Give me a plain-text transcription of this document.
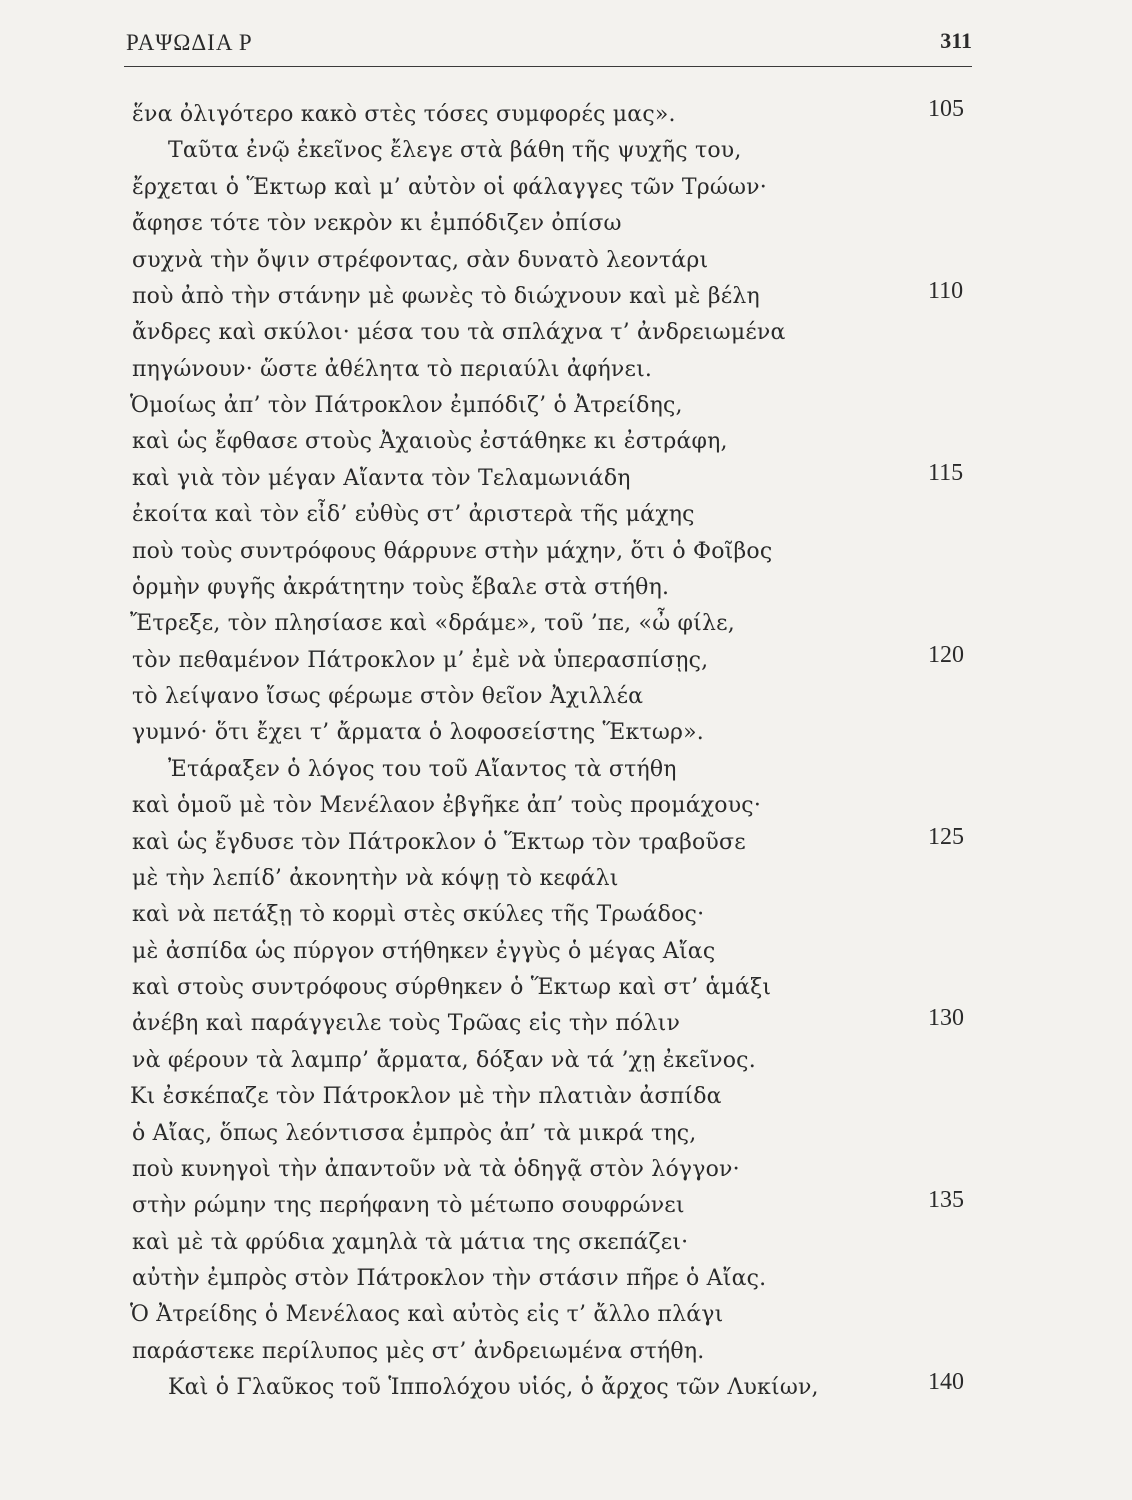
ΡΑΨΩΔΙΑ Ρ	311
ἕνα ὀλιγότερο κακὸ στὲς τόσες συμφορές μας».	105
Ταῦτα ἐνῷ ἐκεῖνος ἔλεγε στὰ βάθη τῆς ψυχῆς του,
ἔρχεται ὁ Ἕκτωρ καὶ μ’ αὐτὸν οἱ φάλαγγες τῶν Τρώων·
ἄφησε τότε τὸν νεκρὸν κι ἐμπόδιζεν ὀπίσω
συχνὰ τὴν ὄψιν στρέφοντας, σὰν δυνατὸ λεοντάρι
ποὺ ἀπὸ τὴν στάνην μὲ φωνὲς τὸ διώχνουν καὶ μὲ βέλη	110
ἄνδρες καὶ σκύλοι· μέσα του τὰ σπλάχνα τ’ ἀνδρειωμένα
πηγώνουν· ὥστε ἀθέλητα τὸ περιαύλι ἀφήνει.
Ὁμοίως ἀπ’ τὸν Πάτροκλον ἐμπόδιζ’ ὁ Ἀτρείδης,
καὶ ὡς ἔφθασε στοὺς Ἀχαιοὺς ἐστάθηκε κι ἐστράφη,
καὶ γιὰ τὸν μέγαν Αἴαντα τὸν Τελαμωνιάδη	115
ἐκοίτα καὶ τὸν εἶδ’ εὐθὺς στ’ ἀριστερὰ τῆς μάχης
ποὺ τοὺς συντρόφους θάρρυνε στὴν μάχην, ὅτι ὁ Φοῖβος
ὁρμὴν φυγῆς ἀκράτητην τοὺς ἔβαλε στὰ στήθη.
Ἔτρεξε, τὸν πλησίασε καὶ «δράμε», τοῦ ’πε, «ὦ φίλε,
τὸν πεθαμένον Πάτροκλον μ’ ἐμὲ νὰ ὑπερασπίσῃς,	120
τὸ λείψανο ἴσως φέρωμε στὸν θεῖον Ἀχιλλέα
γυμνό· ὅτι ἔχει τ’ ἄρματα ὁ λοφοσείστης Ἕκτωρ».
Ἐτάραξεν ὁ λόγος του τοῦ Αἴαντος τὰ στήθη
καὶ ὁμοῦ μὲ τὸν Μενέλαον ἐβγῆκε ἀπ’ τοὺς προμάχους·
καὶ ὡς ἔγδυσε τὸν Πάτροκλον ὁ Ἕκτωρ τὸν τραβοῦσε	125
μὲ τὴν λεπίδ’ ἀκονητὴν νὰ κόψῃ τὸ κεφάλι
καὶ νὰ πετάξῃ τὸ κορμὶ στὲς σκύλες τῆς Τρωάδος·
μὲ ἀσπίδα ὡς πύργον στήθηκεν ἐγγὺς ὁ μέγας Αἴας
καὶ στοὺς συντρόφους σύρθηκεν ὁ Ἕκτωρ καὶ στ’ ἁμάξι
ἀνέβη καὶ παράγγειλε τοὺς Τρῶας εἰς τὴν πόλιν	130
νὰ φέρουν τὰ λαμπρ’ ἄρματα, δόξαν νὰ τά ’χῃ ἐκεῖνος.
Κι ἐσκέπαζε τὸν Πάτροκλον μὲ τὴν πλατιὰν ἀσπίδα
ὁ Αἴας, ὅπως λεόντισσα ἐμπρὸς ἀπ’ τὰ μικρά της,
ποὺ κυνηγοὶ τὴν ἀπαντοῦν νὰ τὰ ὁδηγᾷ στὸν λόγγον·
στὴν ρώμην της περήφανη τὸ μέτωπο σουφρώνει	135
καὶ μὲ τὰ φρύδια χαμηλὰ τὰ μάτια της σκεπάζει·
αὐτὴν ἐμπρὸς στὸν Πάτροκλον τὴν στάσιν πῆρε ὁ Αἴας.
Ὁ Ἀτρείδης ὁ Μενέλαος καὶ αὐτὸς εἰς τ’ ἄλλο πλάγι
παράστεκε περίλυπος μὲς στ’ ἀνδρειωμένα στήθη.
Καὶ ὁ Γλαῦκος τοῦ Ἱππολόχου υἱός, ὁ ἄρχος τῶν Λυκίων,	140
